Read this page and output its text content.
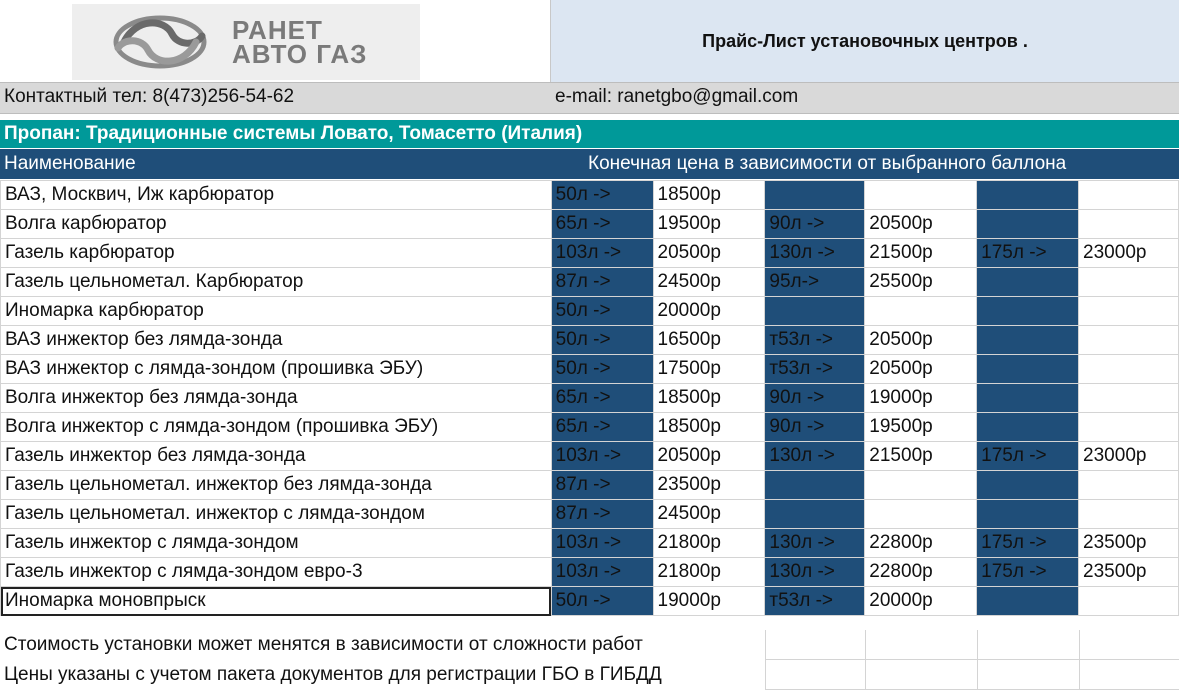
РАНЕТ
АВТО ГАЗ	Прайс-Лист установочных центров .
Контактный тел: 8(473)256-54-62	e-mail: ranetgbo@gmail.com
Пропан: Традиционные системы Ловато, Томасетто (Италия)
Наименование	Конечная цена в зависимости от выбранного баллона
ВАЗ, Москвич, Иж карбюратор	50л ->	18500р				
Волга карбюратор	65л ->	19500р	90л ->	20500р		
Газель карбюратор	103л ->	20500р	130л ->	21500р	175л ->	23000р
Газель цельнометал. Карбюратор	87л ->	24500р	95л->	25500р		
Иномарка карбюратор	50л ->	20000р				
ВАЗ инжектор без лямда-зонда	50л ->	16500р	т53л ->	20500р		
ВАЗ инжектор с лямда-зондом (прошивка ЭБУ)	50л ->	17500р	т53л ->	20500р		
Волга инжектор без лямда-зонда	65л ->	18500р	90л ->	19000р		
Волга инжектор с лямда-зондом (прошивка ЭБУ)	65л ->	18500р	90л ->	19500р		
Газель инжектор без лямда-зонда	103л ->	20500р	130л ->	21500р	175л ->	23000р
Газель цельнометал. инжектор без лямда-зонда	87л ->	23500р				
Газель цельнометал. инжектор с лямда-зондом	87л ->	24500р				
Газель инжектор с лямда-зондом	103л ->	21800р	130л ->	22800р	175л ->	23500р
Газель инжектор с лямда-зондом евро-3	103л ->	21800р	130л ->	22800р	175л ->	23500р
Иномарка моновпрыск	50л ->	19000р	т53л ->	20000р		
Стоимость установки может менятся в зависимости от сложности работ
Цены указаны с учетом пакета документов для регистрации ГБО в ГИБДД
